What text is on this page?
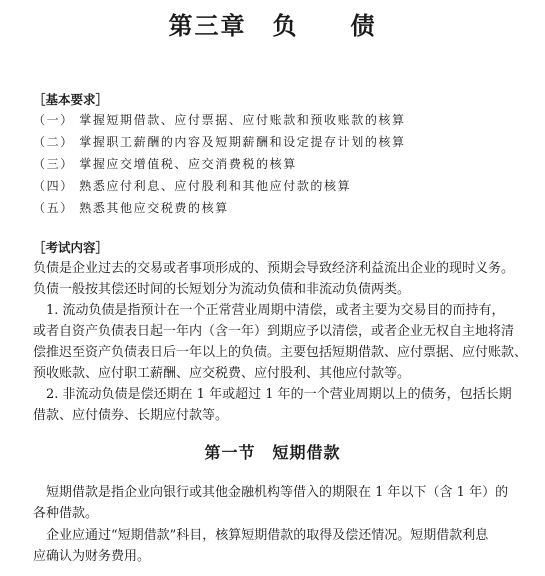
第三章　负　　债
［基本要求］
（一） 掌握短期借款、应付票据、应付账款和预收账款的核算
（二） 掌握职工薪酬的内容及短期薪酬和设定提存计划的核算
（三） 掌握应交增值税、应交消费税的核算
（四） 熟悉应付利息、应付股利和其他应付款的核算
（五） 熟悉其他应交税费的核算
［考试内容］
负债是企业过去的交易或者事项形成的、预期会导致经济利益流出企业的现时义务。
负债一般按其偿还时间的长短划分为流动负债和非流动负债两类。
　1. 流动负债是指预计在一个正常营业周期中清偿，或者主要为交易目的而持有，
或者自资产负债表日起一年内（含一年）到期应予以清偿，或者企业无权自主地将清
偿推迟至资产负债表日后一年以上的负债。主要包括短期借款、应付票据、应付账款、
预收账款、应付职工薪酬、应交税费、应付股利、其他应付款等。
　2. 非流动负债是偿还期在 1 年或超过 1 年的一个营业周期以上的债务，包括长期
借款、应付债券、长期应付款等。
第一节　短期借款
　短期借款是指企业向银行或其他金融机构等借入的期限在 1 年以下（含 1 年）的
各种借款。
　企业应通过“短期借款”科目，核算短期借款的取得及偿还情况。短期借款利息
应确认为财务费用。
